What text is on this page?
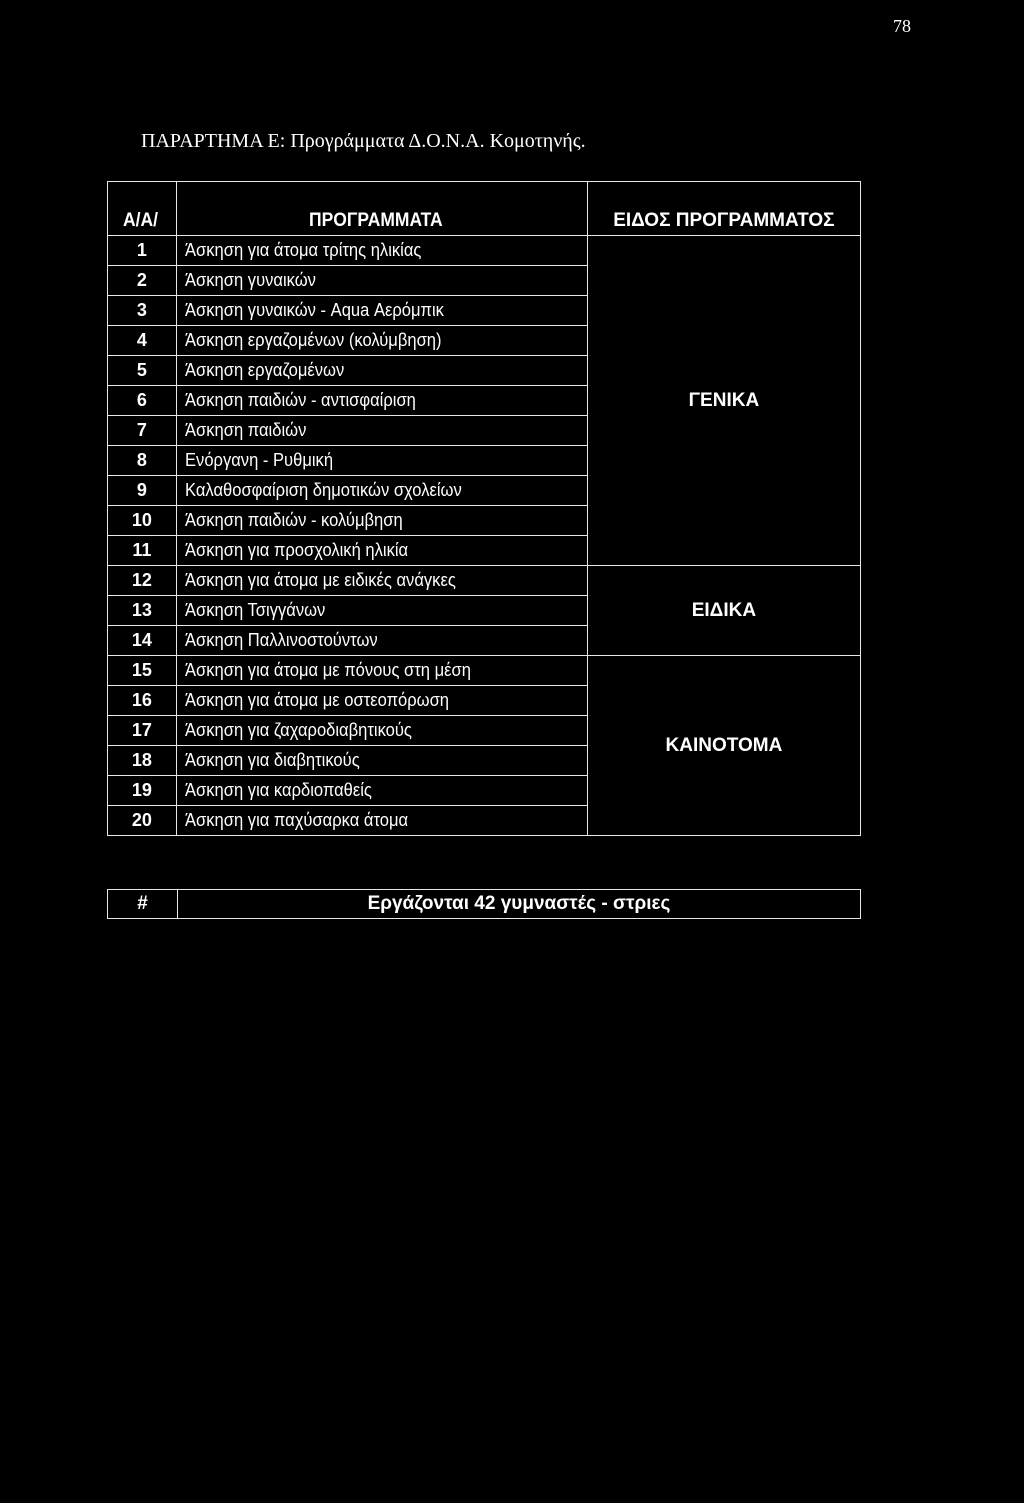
78
ΠΑΡΑΡΤΗΜΑ Ε: Προγράμματα Δ.Ο.Ν.Α. Κομοτηνής.
Α/Α/	ΠΡΟΓΡΑΜΜΑΤΑ	ΕΙΔΟΣ ΠΡΟΓΡΑΜΜΑΤΟΣ
1	Άσκηση για άτομα τρίτης ηλικίας	ΓΕΝΙΚΑ
2	Άσκηση γυναικών	
3	Άσκηση γυναικών - Aqua Αερόμπικ	
4	Άσκηση εργαζομένων (κολύμβηση)	
5	Άσκηση εργαζομένων	
6	Άσκηση παιδιών - αντισφαίριση	
7	Άσκηση παιδιών	
8	Ενόργανη - Ρυθμική	
9	Καλαθοσφαίριση δημοτικών σχολείων	
10	Άσκηση παιδιών - κολύμβηση	
11	Άσκηση για προσχολική ηλικία	
12	Άσκηση για άτομα με ειδικές ανάγκες	ΕΙΔΙΚΑ
13	Άσκηση Τσιγγάνων	
14	Άσκηση Παλλινοστούντων	
15	Άσκηση για άτομα με πόνους στη μέση	ΚΑΙΝΟΤΟΜΑ
16	Άσκηση για άτομα με οστεοπόρωση	
17	Άσκηση για ζαχαροδιαβητικούς	
18	Άσκηση για διαβητικούς	
19	Άσκηση για καρδιοπαθείς	
20	Άσκηση για παχύσαρκα άτομα	
#	Εργάζονται 42 γυμναστές - στριες
